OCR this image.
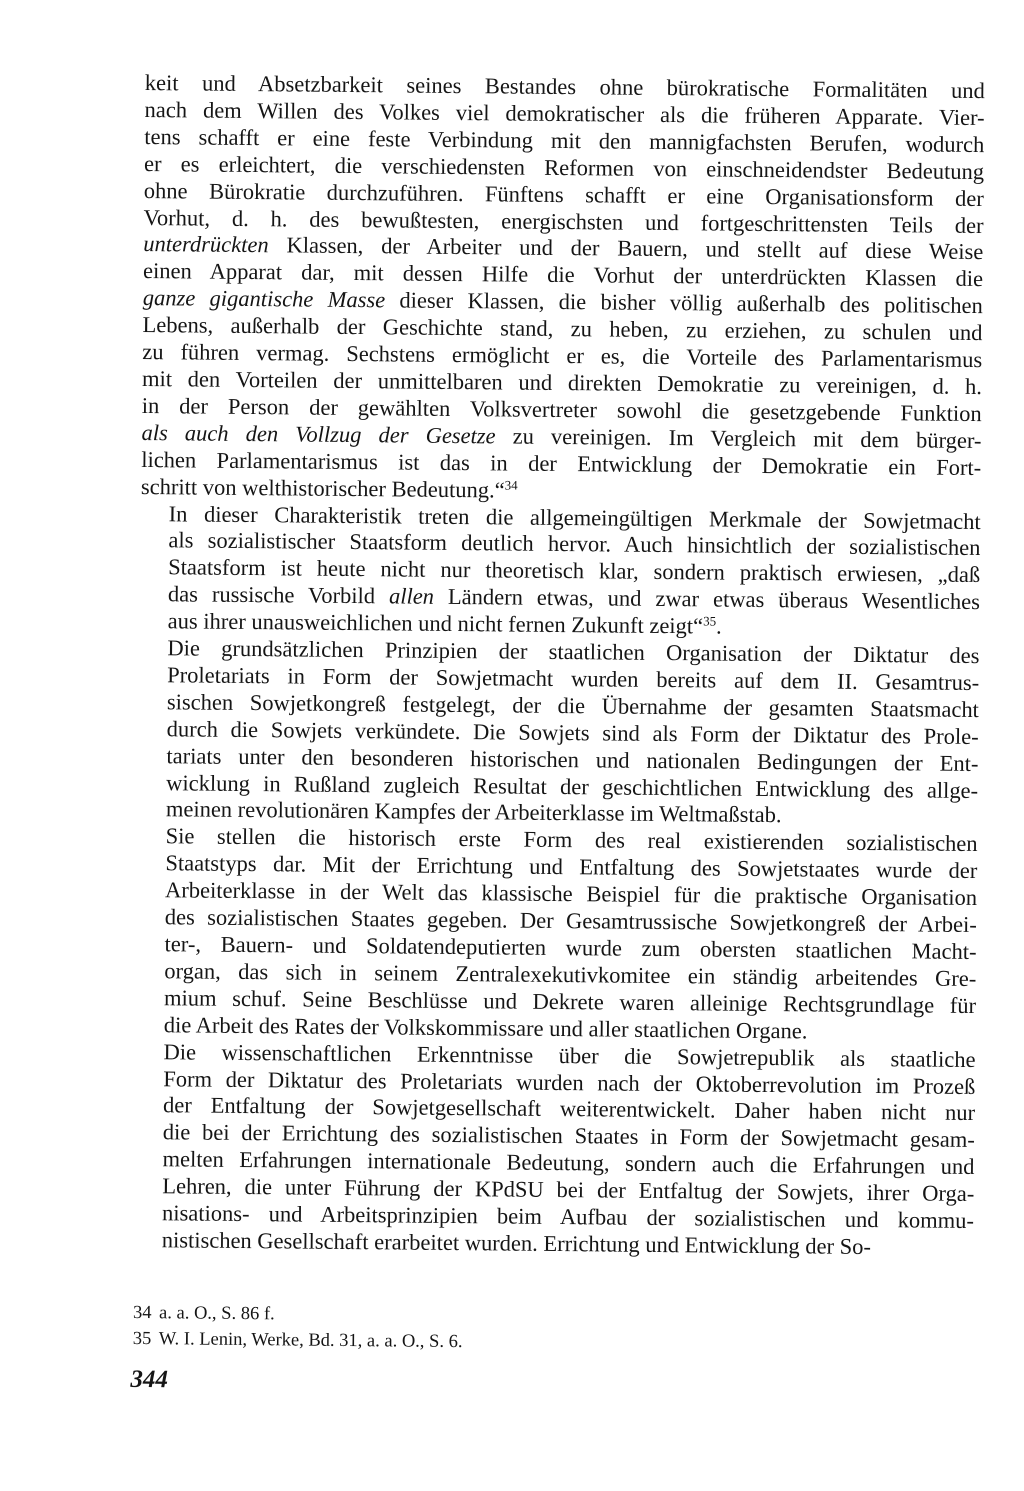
keit und Absetzbarkeit seines Bestandes ohne bürokratische Formalitäten und
nach dem Willen des Volkes viel demokratischer als die früheren Apparate. Vier-
tens schafft er eine feste Verbindung mit den mannigfachsten Berufen, wodurch
er es erleichtert, die verschiedensten Reformen von einschneidendster Bedeutung
ohne Bürokratie durchzuführen. Fünftens schafft er eine Organisationsform der
Vorhut, d. h. des bewußtesten, energischsten und fortgeschrittensten Teils der
unterdrückten Klassen, der Arbeiter und der Bauern, und stellt auf diese Weise
einen Apparat dar, mit dessen Hilfe die Vorhut der unterdrückten Klassen die
ganze gigantische Masse dieser Klassen, die bisher völlig außerhalb des politischen
Lebens, außerhalb der Geschichte stand, zu heben, zu erziehen, zu schulen und
zu führen vermag. Sechstens ermöglicht er es, die Vorteile des Parlamentarismus
mit den Vorteilen der unmittelbaren und direkten Demokratie zu vereinigen, d. h.
in der Person der gewählten Volksvertreter sowohl die gesetzgebende Funktion
als auch den Vollzug der Gesetze zu vereinigen. Im Vergleich mit dem bürger-
lichen Parlamentarismus ist das in der Entwicklung der Demokratie ein Fort-
schritt von welthistorischer Bedeutung.“$^{34}$

In dieser Charakteristik treten die allgemeingültigen Merkmale der Sowjetmacht
als sozialistischer Staatsform deutlich hervor. Auch hinsichtlich der sozialistischen
Staatsform ist heute nicht nur theoretisch klar, sondern praktisch erwiesen, „daß
das russische Vorbild allen Ländern etwas, und zwar etwas überaus Wesentliches
aus ihrer unausweichlichen und nicht fernen Zukunft zeigt“$^{35}$.

Die grundsätzlichen Prinzipien der staatlichen Organisation der Diktatur des
Proletariats in Form der Sowjetmacht wurden bereits auf dem II. Gesamtrus-
sischen Sowjetkongreß festgelegt, der die Übernahme der gesamten Staatsmacht
durch die Sowjets verkündete. Die Sowjets sind als Form der Diktatur des Prole-
tariats unter den besonderen historischen und nationalen Bedingungen der Ent-
wicklung in Rußland zugleich Resultat der geschichtlichen Entwicklung des allge-
meinen revolutionären Kampfes der Arbeiterklasse im Weltmaßstab.

Sie stellen die historisch erste Form des real existierenden sozialistischen
Staatstyps dar. Mit der Errichtung und Entfaltung des Sowjetstaates wurde der
Arbeiterklasse in der Welt das klassische Beispiel für die praktische Organisation
des sozialistischen Staates gegeben. Der Gesamtrussische Sowjetkongreß der Arbei-
ter-, Bauern- und Soldatendeputierten wurde zum obersten staatlichen Macht-
organ, das sich in seinem Zentralexekutivkomitee ein ständig arbeitendes Gre-
mium schuf. Seine Beschlüsse und Dekrete waren alleinige Rechtsgrundlage für
die Arbeit des Rates der Volkskommissare und aller staatlichen Organe.

Die wissenschaftlichen Erkenntnisse über die Sowjetrepublik als staatliche
Form der Diktatur des Proletariats wurden nach der Oktoberrevolution im Prozeß
der Entfaltung der Sowjetgesellschaft weiterentwickelt. Daher haben nicht nur
die bei der Errichtung des sozialistischen Staates in Form der Sowjetmacht gesam-
melten Erfahrungen internationale Bedeutung, sondern auch die Erfahrungen und
Lehren, die unter Führung der KPdSU bei der Entfaltug der Sowjets, ihrer Orga-
nisations- und Arbeitsprinzipien beim Aufbau der sozialistischen und kommu-
nistischen Gesellschaft erarbeitet wurden. Errichtung und Entwicklung der So-

34 a. a. O., S. 86 f.
35 W. I. Lenin, Werke, Bd. 31, a. a. O., S. 6.
344
